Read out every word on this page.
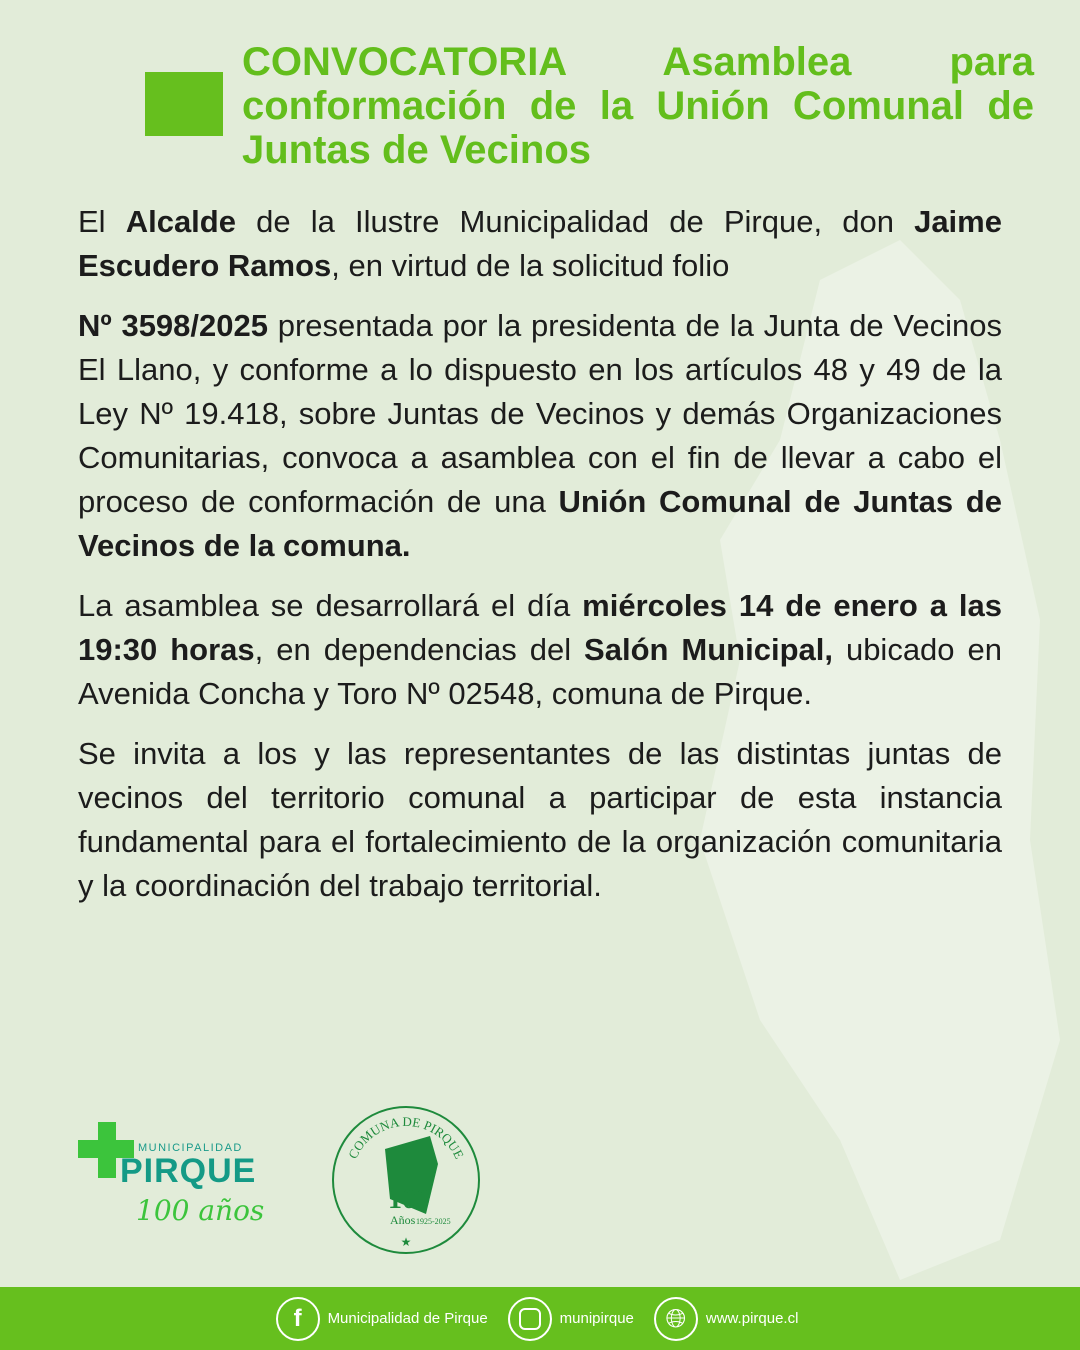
CONVOCATORIA Asamblea para conformación de la Unión Comunal de Juntas de Vecinos

El Alcalde de la Ilustre Municipalidad de Pirque, don Jaime Escudero Ramos, en virtud de la solicitud folio

Nº 3598/2025 presentada por la presidenta de la Junta de Vecinos El Llano, y conforme a lo dispuesto en los artículos 48 y 49 de la Ley Nº 19.418, sobre Juntas de Vecinos y demás Organizaciones Comunitarias, convoca a asamblea con el fin de llevar a cabo el proceso de conformación de una Unión Comunal de Juntas de Vecinos de la comuna.

La asamblea se desarrollará el día miércoles 14 de enero a las 19:30 horas, en dependencias del Salón Municipal, ubicado en Avenida Concha y Toro Nº 02548, comuna de Pirque.

Se invita a los y las representantes de las distintas juntas de vecinos del territorio comunal a participar de esta instancia fundamental para el fortalecimiento de la organización comunitaria y la coordinación del trabajo territorial.

MUNICIPALIDAD
PIRQUE
100 años
COMUNA DE PIRQUE
100
Años 1925-2025
★
f	Municipalidad de Pirque	munipirque	🌐︎	www.pirque.cl
